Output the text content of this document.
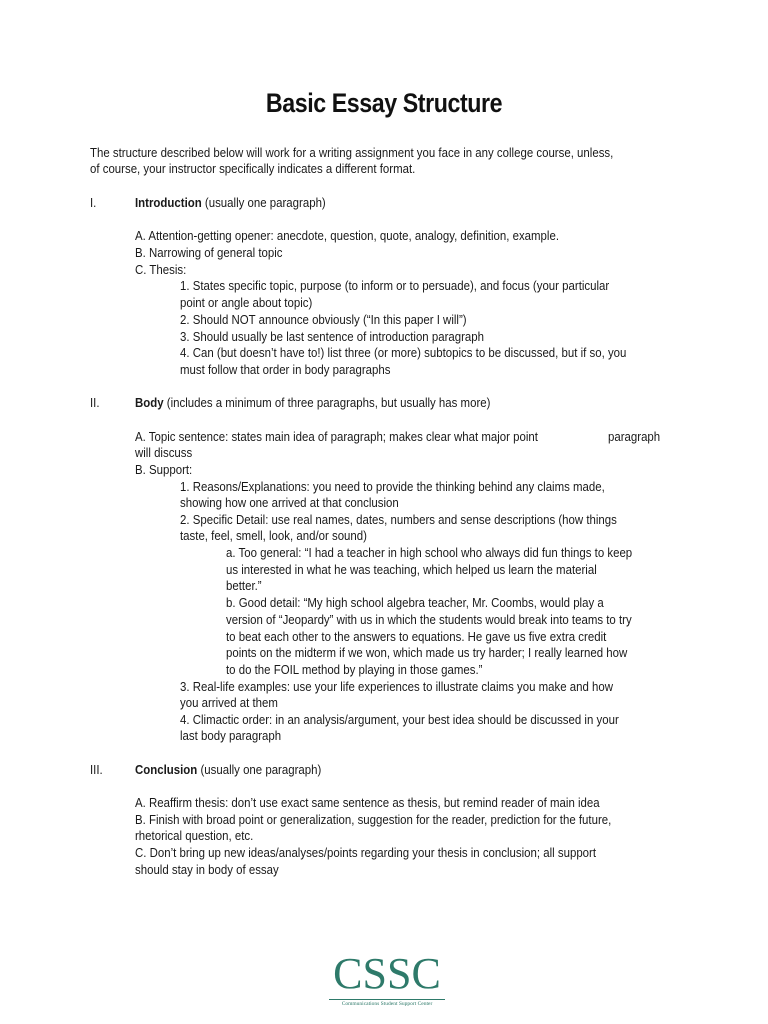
Basic Essay Structure
The structure described below will work for a writing assignment you face in any college course, unless,
of course, your instructor specifically indicates a different format.
I.	Introduction (usually one paragraph)
A. Attention-getting opener: anecdote, question, quote, analogy, definition, example.
B. Narrowing of general topic
C. Thesis:
1. States specific topic, purpose (to inform or to persuade), and focus (your particular
point or angle about topic)
2. Should NOT announce obviously (“In this paper I will”)
3. Should usually be last sentence of introduction paragraph
4. Can (but doesn’t have to!) list three (or more) subtopics to be discussed, but if so, you
must follow that order in body paragraphs
II.	Body (includes a minimum of three paragraphs, but usually has more)
A. Topic sentence: states main idea of paragraph; makes clear what major point	paragraph
will discuss
B. Support:
1. Reasons/Explanations: you need to provide the thinking behind any claims made,
showing how one arrived at that conclusion
2. Specific Detail: use real names, dates, numbers and sense descriptions (how things
taste, feel, smell, look, and/or sound)
a. Too general: “I had a teacher in high school who always did fun things to keep
us interested in what he was teaching, which helped us learn the material
better.”
b. Good detail: “My high school algebra teacher, Mr. Coombs, would play a
version of “Jeopardy” with us in which the students would break into teams to try
to beat each other to the answers to equations. He gave us five extra credit
points on the midterm if we won, which made us try harder; I really learned how
to do the FOIL method by playing in those games.”
3. Real-life examples: use your life experiences to illustrate claims you make and how
you arrived at them
4. Climactic order: in an analysis/argument, your best idea should be discussed in your
last body paragraph
III. Conclusion (usually one paragraph)
A. Reaffirm thesis: don’t use exact same sentence as thesis, but remind reader of main idea
B. Finish with broad point or generalization, suggestion for the reader, prediction for the future,
rhetorical question, etc.
C. Don’t bring up new ideas/analyses/points regarding your thesis in conclusion; all support
should stay in body of essay
CSSC
Communications Student Support Center
